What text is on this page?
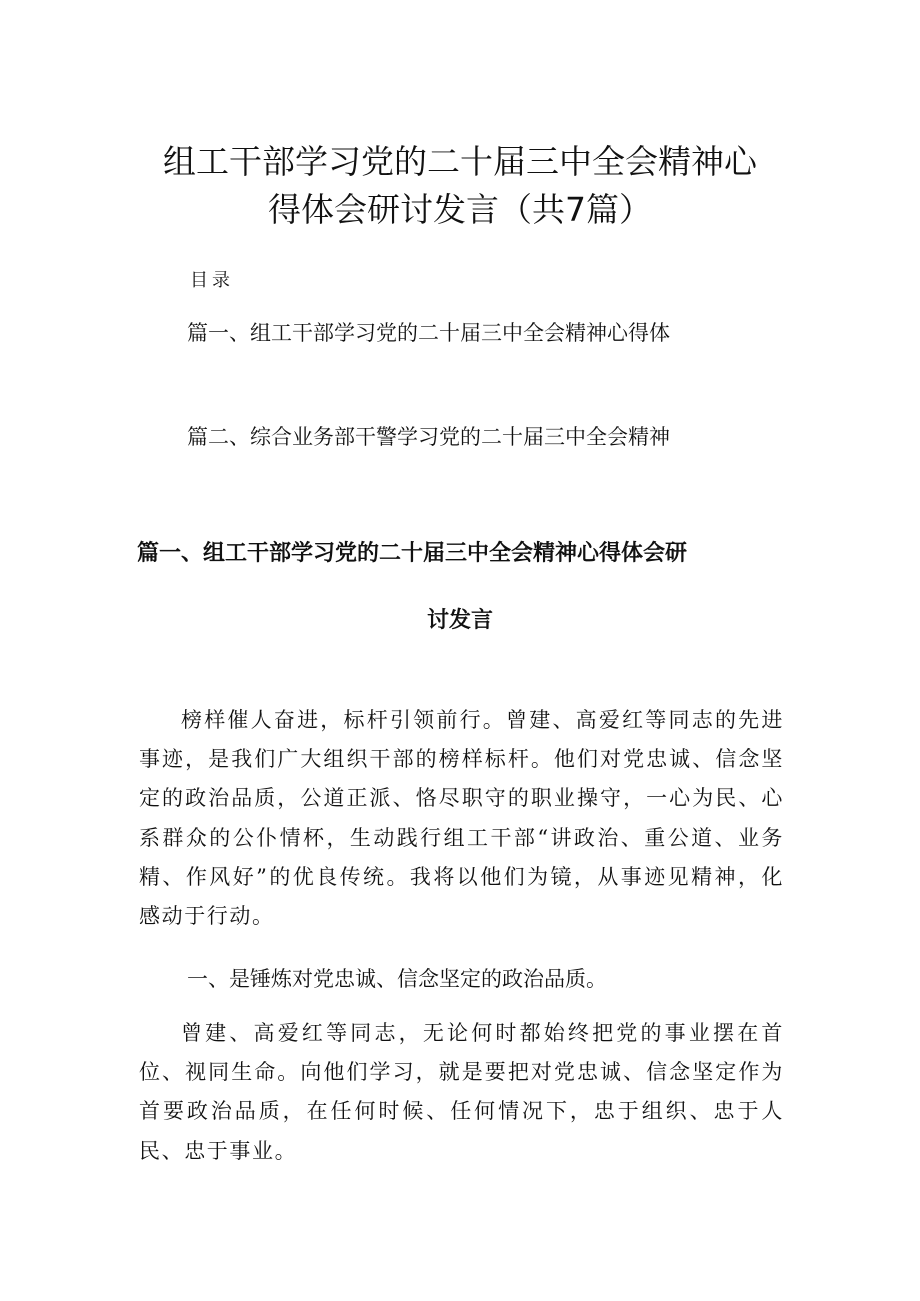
组工干部学习党的二十届三中全会精神心
得体会研讨发言（共7篇）

目录

篇一、组工干部学习党的二十届三中全会精神心得体

篇二、综合业务部干警学习党的二十届三中全会精神

篇一、组工干部学习党的二十届三中全会精神心得体会研
讨发言

榜样催人奋进，标杆引领前行。曾建、高爱红等同志的先进事迹，是我们广大组织干部的榜样标杆。他们对党忠诚、信念坚定的政治品质，公道正派、恪尽职守的职业操守，一心为民、心系群众的公仆情杯，生动践行组工干部“讲政治、重公道、业务精、作风好”的优良传统。我将以他们为镜，从事迹见精神，化感动于行动。

一、是锤炼对党忠诚、信念坚定的政治品质。

曾建、高爱红等同志，无论何时都始终把党的事业摆在首位、视同生命。向他们学习，就是要把对党忠诚、信念坚定作为首要政治品质，在任何时候、任何情况下，忠于组织、忠于人民、忠于事业。
